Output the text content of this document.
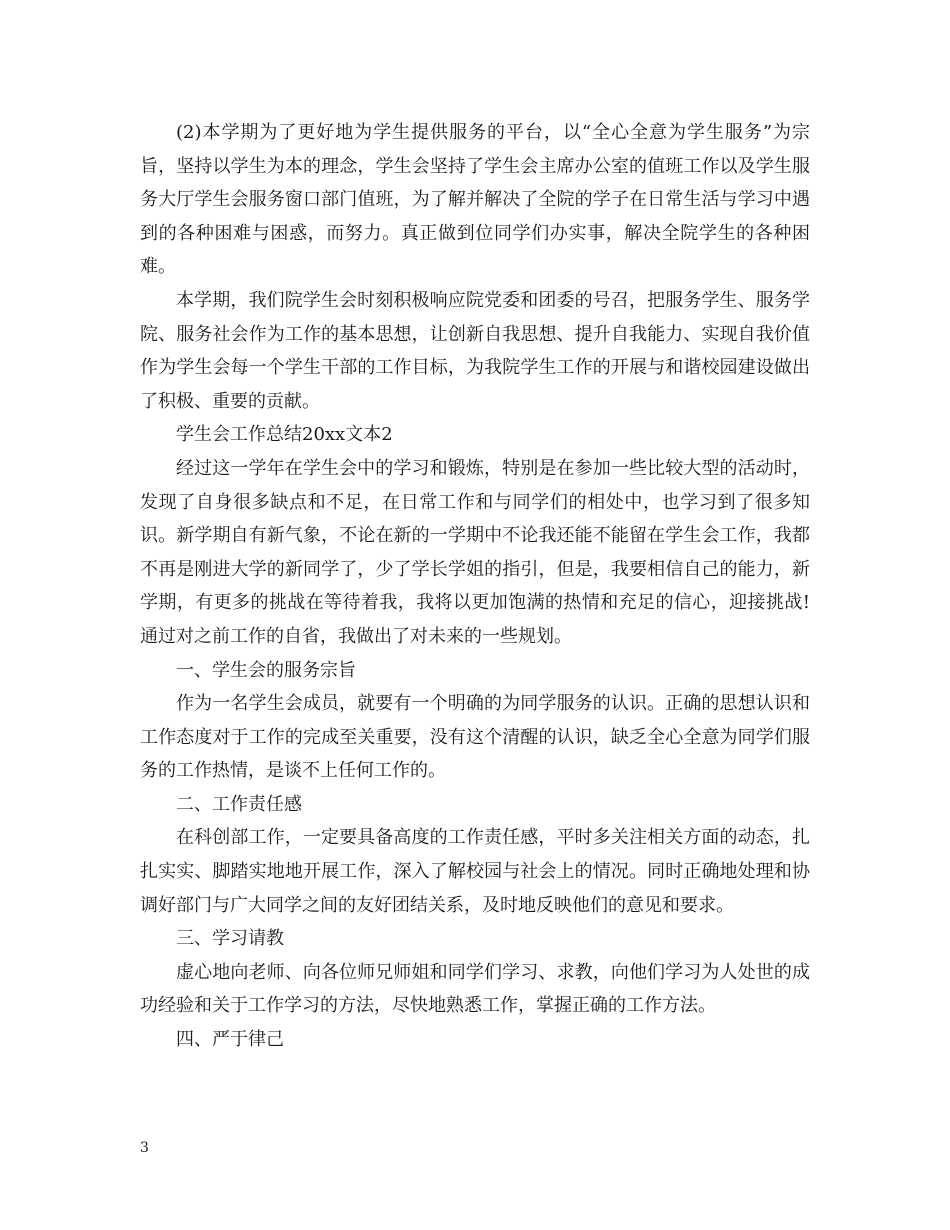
(2)本学期为了更好地为学生提供服务的平台，以“全心全意为学生服务”为宗旨，坚持以学生为本的理念，学生会坚持了学生会主席办公室的值班工作以及学生服务大厅学生会服务窗口部门值班，为了解并解决了全院的学子在日常生活与学习中遇到的各种困难与困惑，而努力。真正做到位同学们办实事，解决全院学生的各种困难。

本学期，我们院学生会时刻积极响应院党委和团委的号召，把服务学生、服务学院、服务社会作为工作的基本思想，让创新自我思想、提升自我能力、实现自我价值作为学生会每一个学生干部的工作目标，为我院学生工作的开展与和谐校园建设做出了积极、重要的贡献。

学生会工作总结20xx文本2

经过这一学年在学生会中的学习和锻炼，特别是在参加一些比较大型的活动时，发现了自身很多缺点和不足，在日常工作和与同学们的相处中，也学习到了很多知识。新学期自有新气象，不论在新的一学期中不论我还能不能留在学生会工作，我都不再是刚进大学的新同学了，少了学长学姐的指引，但是，我要相信自己的能力，新学期，有更多的挑战在等待着我，我将以更加饱满的热情和充足的信心，迎接挑战!通过对之前工作的自省，我做出了对未来的一些规划。

一、学生会的服务宗旨

作为一名学生会成员，就要有一个明确的为同学服务的认识。正确的思想认识和工作态度对于工作的完成至关重要，没有这个清醒的认识，缺乏全心全意为同学们服务的工作热情，是谈不上任何工作的。

二、工作责任感

在科创部工作，一定要具备高度的工作责任感，平时多关注相关方面的动态，扎扎实实、脚踏实地地开展工作，深入了解校园与社会上的情况。同时正确地处理和协调好部门与广大同学之间的友好团结关系，及时地反映他们的意见和要求。

三、学习请教

虚心地向老师、向各位师兄师姐和同学们学习、求教，向他们学习为人处世的成功经验和关于工作学习的方法，尽快地熟悉工作，掌握正确的工作方法。

四、严于律己

3
